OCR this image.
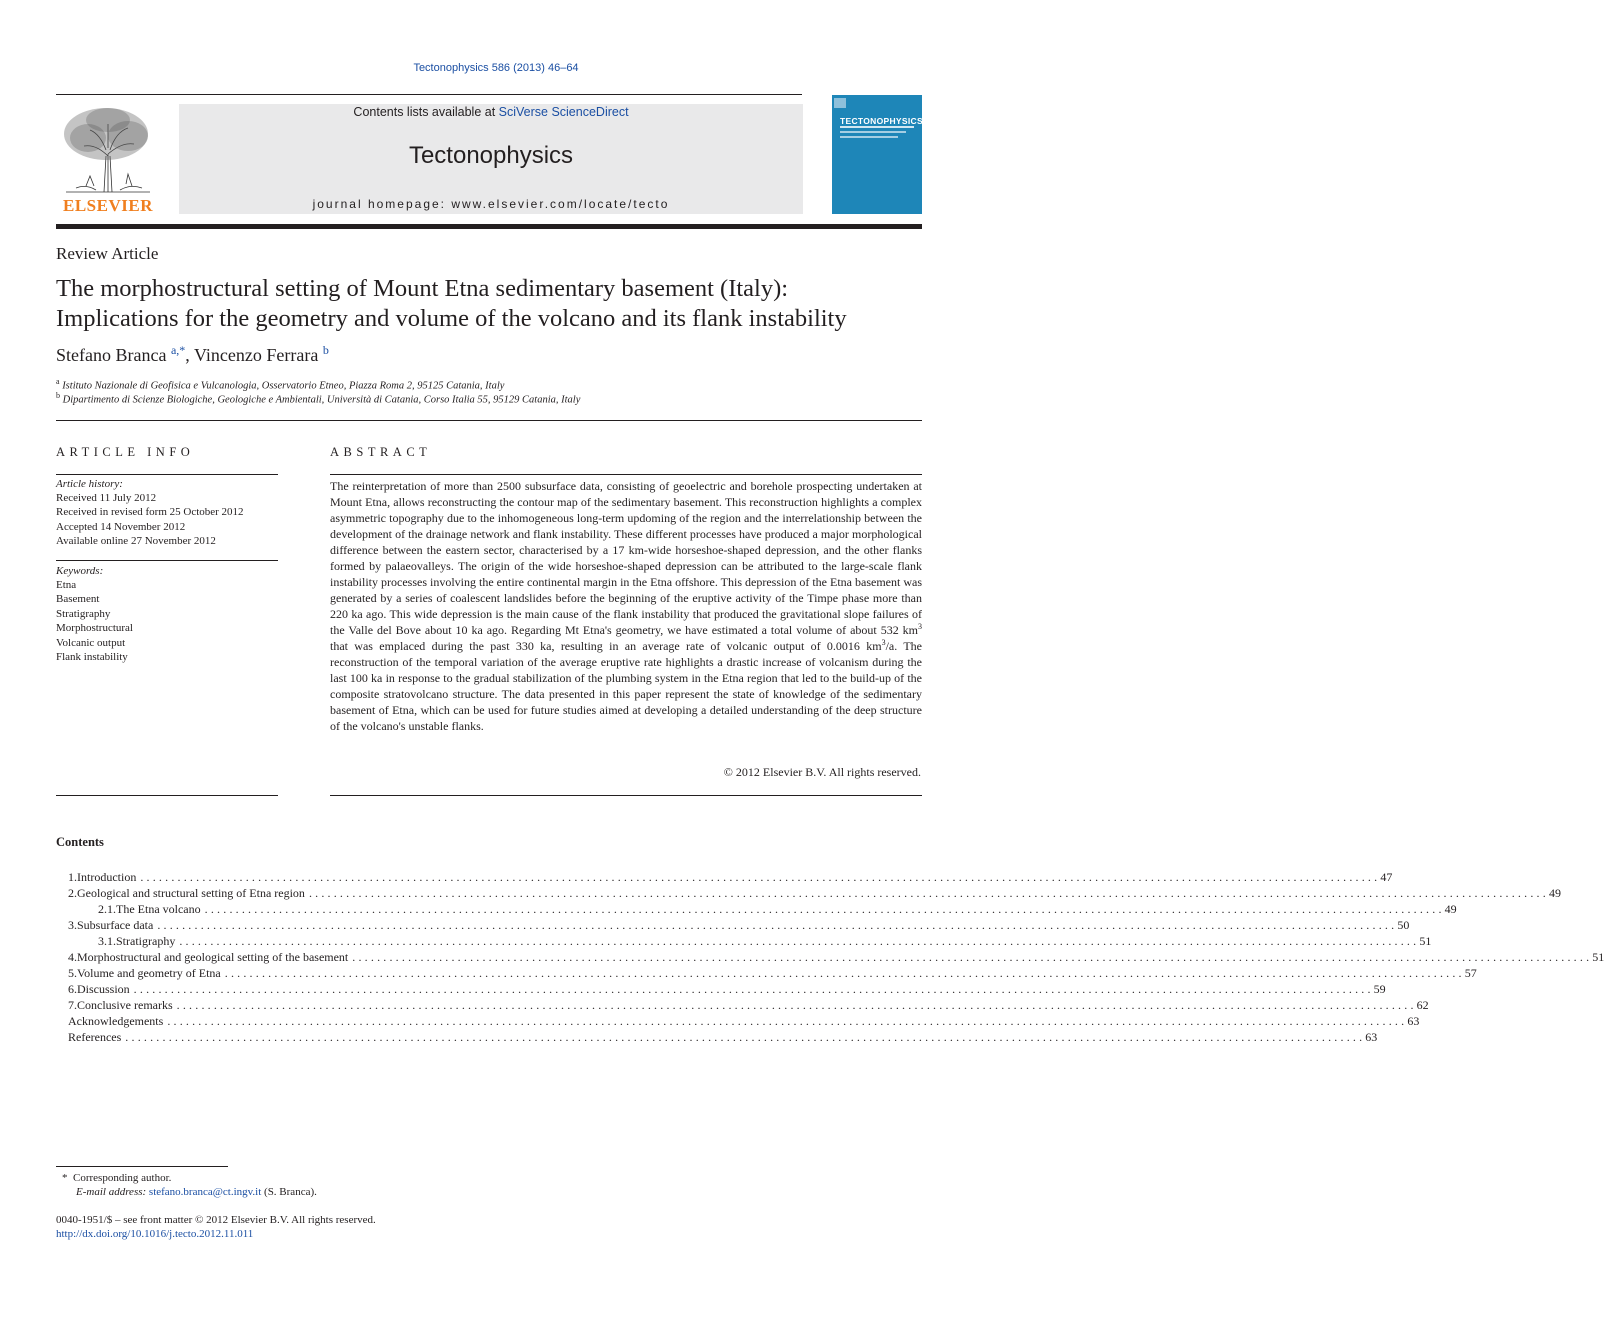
Tectonophysics 586 (2013) 46–64
ELSEVIER
Contents lists available at SciVerse ScienceDirect
Tectonophysics
journal homepage: www.elsevier.com/locate/tecto
TECTONOPHYSICS
Review Article
The morphostructural setting of Mount Etna sedimentary basement (Italy):
Implications for the geometry and volume of the volcano and its flank instability
Stefano Branca $^{a,*}$, Vincenzo Ferrara $^b$
$^a$ Istituto Nazionale di Geofisica e Vulcanologia, Osservatorio Etneo, Piazza Roma 2, 95125 Catania, Italy
$^b$ Dipartimento di Scienze Biologiche, Geologiche e Ambientali, Università di Catania, Corso Italia 55, 95129 Catania, Italy
ARTICLE INFO
Article history:
Received 11 July 2012
Received in revised form 25 October 2012
Accepted 14 November 2012
Available online 27 November 2012
Keywords:
Etna
Basement
Stratigraphy
Morphostructural
Volcanic output
Flank instability
ABSTRACT
The reinterpretation of more than 2500 subsurface data, consisting of geoelectric and borehole prospecting undertaken at Mount Etna, allows reconstructing the contour map of the sedimentary basement. This reconstruction highlights a complex asymmetric topography due to the inhomogeneous long-term updoming of the region and the interrelationship between the development of the drainage network and flank instability. These different processes have produced a major morphological difference between the eastern sector, characterised by a 17 km-wide horseshoe-shaped depression, and the other flanks formed by palaeovalleys. The origin of the wide horseshoe-shaped depression can be attributed to the large-scale flank instability processes involving the entire continental margin in the Etna offshore. This depression of the Etna basement was generated by a series of coalescent landslides before the beginning of the eruptive activity of the Timpe phase more than 220 ka ago. This wide depression is the main cause of the flank instability that produced the gravitational slope failures of the Valle del Bove about 10 ka ago. Regarding Mt Etna's geometry, we have estimated a total volume of about 532 $km^3$ that was emplaced during the past 330 ka, resulting in an average rate of volcanic output of 0.0016 $km^3/a$. The reconstruction of the temporal variation of the average eruptive rate highlights a drastic increase of volcanism during the last 100 ka in response to the gradual stabilization of the plumbing system in the Etna region that led to the build-up of the composite stratovolcano structure. The data presented in this paper represent the state of knowledge of the sedimentary basement of Etna, which can be used for future studies aimed at developing a detailed understanding of the deep structure of the volcano's unstable flanks.
© 2012 Elsevier B.V. All rights reserved.
Contents
1. Introduction ........................................................................................................................................................................................................ 47
2. Geological and structural setting of Etna region ........................................................................................................................................................................................................ 49
2.1. The Etna volcano ........................................................................................................................................................................................................ 49
3. Subsurface data ........................................................................................................................................................................................................ 50
3.1. Stratigraphy ........................................................................................................................................................................................................ 51
4. Morphostructural and geological setting of the basement ........................................................................................................................................................................................................ 51
5. Volume and geometry of Etna ........................................................................................................................................................................................................ 57
6. Discussion ........................................................................................................................................................................................................ 59
7. Conclusive remarks ........................................................................................................................................................................................................ 62
Acknowledgements ........................................................................................................................................................................................................ 63
References ........................................................................................................................................................................................................ 63
* Corresponding author.
E-mail address: stefano.branca@ct.ingv.it (S. Branca).
0040-1951/$ – see front matter © 2012 Elsevier B.V. All rights reserved.
http://dx.doi.org/10.1016/j.tecto.2012.11.011
